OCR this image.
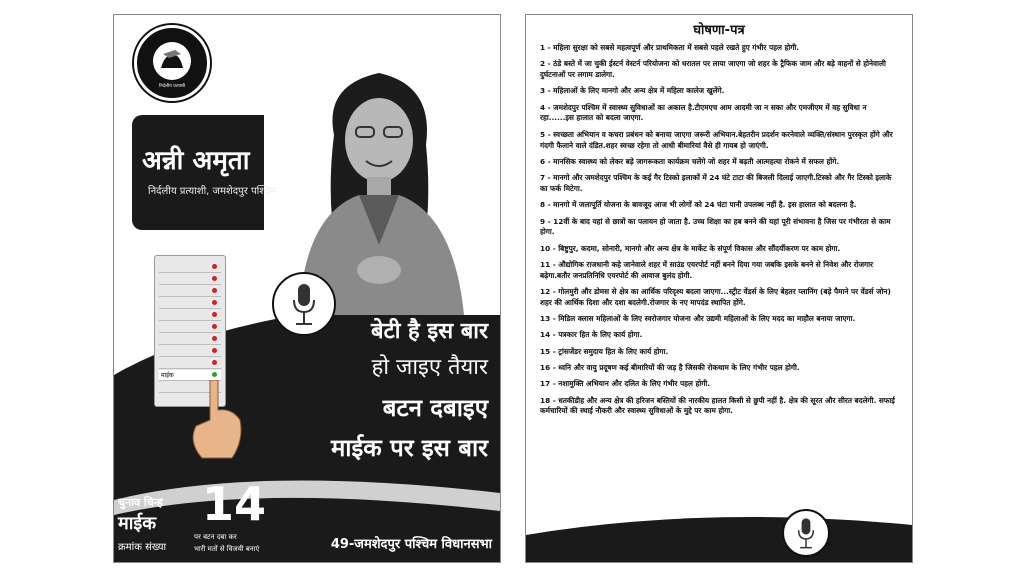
निर्दलीय प्रत्याशी
अन्नी अमृता
निर्दलीय प्रत्याशी, जमशेदपुर पश्चिम
माईक
बेटी है इस बार
हो जाइए तैयार
बटन दबाइए
माईक पर इस बार
चुनाव चिन्ह
माईक
क्रमांक संख्या
14
पर बटन दबा कर
भारी मतों से विजयी बनाएं	49-जमशेदपुर पश्चिम विधानसभा
घोषणा-पत्र
1 - महिला सुरक्षा को सबसे महत्वपूर्ण और प्राथमिकता में सबसे पहले रखते हुए गंभीर पहल होगी.
2 - ठंडे बस्ते में जा चुकी ईस्टर्न वेस्टर्न परियोजना को धरातल पर लाया जाएगा जो शहर के ट्रैफिक जाम और बड़े वाहनों से होनेवाली दुर्घटनाओं पर लगाम डालेगा.
3 - महिलाओं के लिए मानगो और अन्य क्षेत्र में महिला कालेज खुलेंगे.
4 - जमशेदपुर पश्चिम में स्वास्थ्य सुविधाओं का अकाल है.टीएमएच आम आदमी जा न सका और एमजीएम में वह सुविधा न रहा......इस हालात को बदला जाएगा.
5 - स्वच्छता अभियान व कचरा प्रबंधन को बनाया जाएगा जरूरी अभियान.बेहतरीन प्रदर्शन करनेवाले व्यक्ति/संस्थान पुरस्कृत होंगे और गंदगी फैलाने वाले दंडित.शहर स्वच्छ रहेगा तो आधी बीमारियां वैसे ही गायब हो जाएंगी.
6 - मानसिक स्वास्थ्य को लेकर बड़े जागरूकता कार्यक्रम चलेंगे जो शहर में बढ़ती आत्महत्या रोकने में सफल होंगे.
7 - मानगो और जमशेदपुर पश्चिम के कई गैर टिस्को इलाकों में 24 घंटे टाटा की बिजली दिलाई जाएगी.टिस्को और गैर टिस्को इलाके का फर्क मिटेगा.
8 - मानगो में जलापूर्ति योजना के बावजूद आज भी लोगों को 24 घंटा पानी उपलब्ध नहीं है. इस हालात को बदलना है.
9 - 12वीं के बाद यहां से छात्रों का पलायन हो जाता है. उच्च शिक्षा का हब बनने की यहां पूरी संभावना है जिस पर गंभीरता से काम होगा.
10 - बिष्टुपुर, कदमा, सोनारी, मानगो और अन्य क्षेत्र के मार्केट के संपूर्ण विकास और सौंदर्यीकरण पर काम होगा.
11 - औद्योगिक राजधानी कहे जानेवाले शहर में साउंड एयरपोर्ट नहीं बनने दिया गया जबकि इसके बनने से निवेश और रोजगार बढ़ेगा.बतौर जनप्रतिनिधि एयरपोर्ट की आवाज बुलंद होगी.
12 - गोलमुरी और डोमस से क्षेत्र का आर्थिक परिदृश्य बदला जाएगा...स्ट्रीट वेंडर्स के लिए बेहतर प्लानिंग (बड़े पैमाने पर वेंडर्स जोन) शहर की आर्थिक दिशा और दशा बदलेगी.रोजगार के नए मापदंड स्थापित होंगे.
13 - मिडिल क्लास महिलाओं के लिए स्वरोजगार योजना और उद्यमी महिलाओं के लिए मदद का माहौल बनाया जाएगा.
14 - पत्रकार हित के लिए कार्य होगा.
15 - ट्रांसजेंडर समुदाय हित के लिए कार्य होगा.
16 - ध्वनि और वायु प्रदूषण कई बीमारियों की जड़ है जिसकी रोकथाम के लिए गंभीर पहल होगी.
17 - नशामुक्ति अभियान और दलित के लिए गंभीर पहल होगी.
18 - धतकीडीह और अन्य क्षेत्र की हरिजन बस्तियों की नारकीय हालत किसी से छुपी नहीं है. क्षेत्र की सूरत और सीरत बदलेगी. सफाई कर्मचारियों की स्थाई नौकरी और स्वास्थ्य सुविधाओं के मुद्दे पर काम होगा.
